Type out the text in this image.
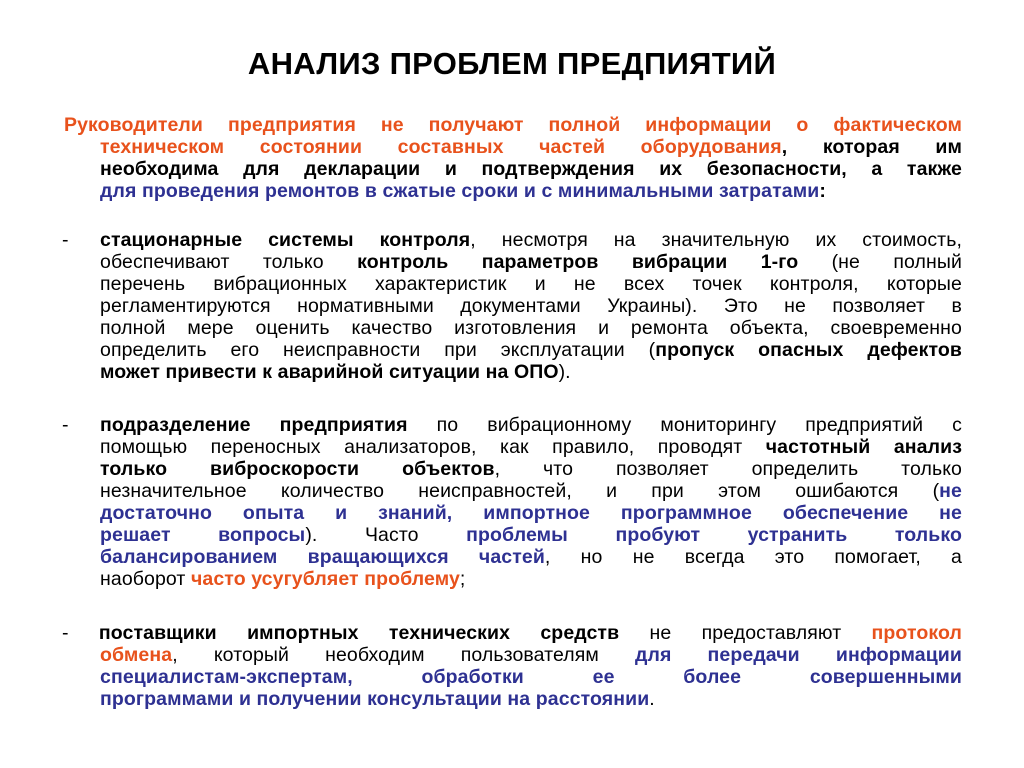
АНАЛИЗ ПРОБЛЕМ ПРЕДПИЯТИЙ
Руководители предприятия не получают полной информации о фактическом
техническом состоянии составных частей оборудования, которая им
необходима для декларации и подтверждения их безопасности, а также
для проведения ремонтов в сжатые сроки и с минимальными затратами:
- стационарные системы контроля, несмотря на значительную их стоимость,
обеспечивают только контроль параметров вибрации 1-го (не полный
перечень вибрационных характеристик и не всех точек контроля, которые
регламентируются нормативными документами Украины). Это не позволяет в
полной мере оценить качество изготовления и ремонта объекта, своевременно
определить его неисправности при эксплуатации (пропуск опасных дефектов
может привести к аварийной ситуации на ОПО).
- подразделение предприятия по вибрационному мониторингу предприятий с
помощью переносных анализаторов, как правило, проводят частотный анализ
только виброскорости объектов, что позволяет определить только
незначительное количество неисправностей, и при этом ошибаются (не
достаточно опыта и знаний, импортное программное обеспечение не
решает вопросы). Часто проблемы пробуют устранить только
балансированием вращающихся частей, но не всегда это помогает, а
наоборот часто усугубляет проблему;
- поставщики импортных технических средств не предоставляют протокол
обмена, который необходим пользователям для передачи информации
специалистам-экспертам, обработки ее более совершенными
программами и получении консультации на расстоянии.
